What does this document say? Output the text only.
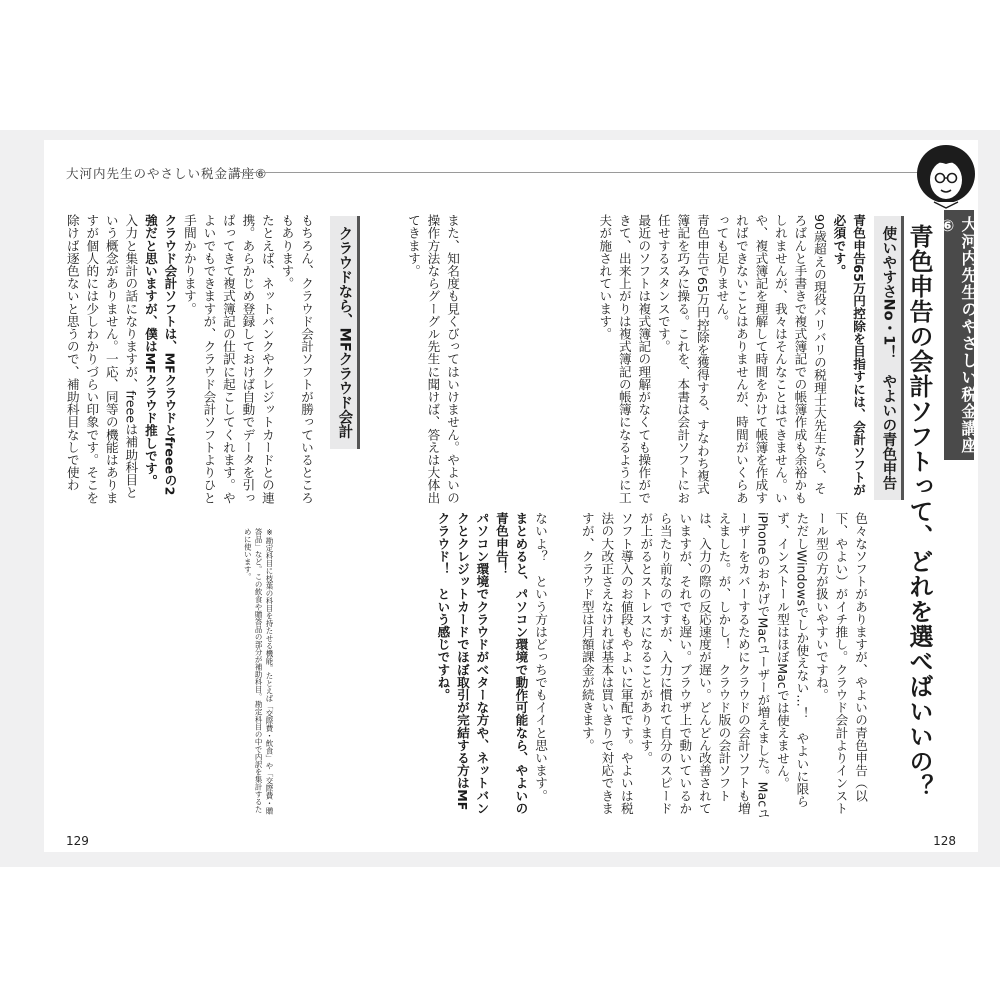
大河内先生のやさしい税金講座⑥
大河内先生のやさしい税金講座⑥
青色申告の会計ソフトって、どれを選べばいいの？

色々なソフトがありますが、やよいの青色申告（以下、やよい）がイチ推し。クラウド会計よりインストール型の方が扱いやすいですね。

ただしWindowsでしか使えない…！　やよいに限らず、インストール型はほぼMacでは使えません。

iPhoneのおかげでMacユーザーが増えました。Macユーザーをカバーするためにクラウドの会計ソフトも増えました。が、しかし！　クラウド版の会計ソフトは、入力の際の反応速度が遅い。どんどん改善されていますが、それでも遅い。ブラウザ上で動いているから当たり前なのですが、入力に慣れて自分のスピードが上がるとストレスになることがあります。

ソフト導入のお値段もやよいに軍配です。やよいは税法の大改正さえなければ基本は買いきりで対応できますが、クラウド型は月額課金が続きます。

ないよ？　という方はどっちでもイイと思います。

まとめると、パソコン環境で動作可能なら、やよいの青色申告！

パソコン環境でクラウドがベターな方や、ネットバンクとクレジットカードでほぼ取引が完結する方はMFクラウド！　という感じですね。

※勘定科目に枝葉の科目を持たせる機能。たとえば「交際費・飲食」や「交際費・贈答品」など。この飲食や贈答品の部分が補助科目。勘定科目の中で内訳を集計するために使います。
使いやすさNo・1！　やよいの青色申告

青色申告65万円控除を目指すには、会計ソフトが必須です。

90歳超えの現役バリバリの税理士大先生なら、そろばんと手書きで複式簿記での帳簿作成も余裕かもしれませんが、我々はそんなことはできません。いや、複式簿記を理解して時間をかけて帳簿を作成すればできないことはありませんが、時間がいくらあっても足りません。

青色申告で65万円控除を獲得する、すなわち複式簿記を巧みに操る。これを、本書は会計ソフトにお任せするスタンスです。

最近のソフトは複式簿記の理解がなくても操作ができて、出来上がりは複式簿記の帳簿になるように工夫が施されています。

また、知名度も見くびってはいけません。やよいの操作方法ならグーグル先生に聞けば、答えは大体出てきます。

クラウドなら、MFクラウド会計

もちろん、クラウド会計ソフトが勝っているところもあります。

たとえば、ネットバンクやクレジットカードとの連携。あらかじめ登録しておけば自動でデータを引っぱってきて複式簿記の仕訳に起こしてくれます。やよいでもできますが、クラウド会計ソフトよりひと手間かかります。

クラウド会計ソフトは、MFクラウドとfreeeの2強だと思いますが、僕はMFクラウド推しです。

入力と集計の話になりますが、freeeは補助科目という概念がありません。一応、同等の機能はありますが個人的には少しわかりづらい印象です。そこを除けば逐色ないと思うので、補助科目なしで使わ

129	128
